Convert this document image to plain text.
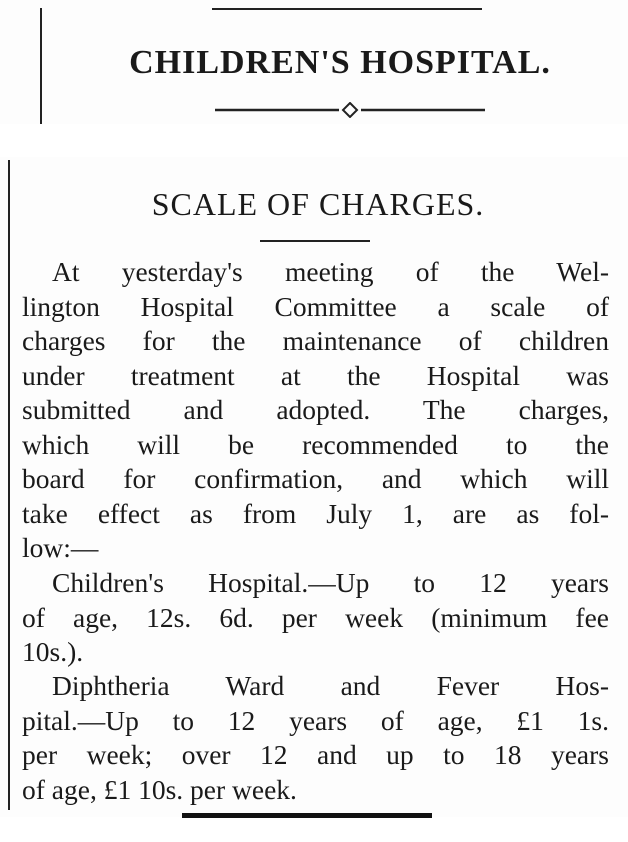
CHILDREN'S HOSPITAL.
SCALE OF CHARGES.
At yesterday's meeting of the Wel-
lington Hospital Committee a scale of
charges for the maintenance of children
under treatment at the Hospital was
submitted and adopted. The charges,
which will be recommended to the
board for confirmation, and which will
take effect as from July 1, are as fol-
low:—
Children's Hospital.—Up to 12 years
of age, 12s. 6d. per week (minimum fee
10s.).
Diphtheria Ward and Fever Hos-
pital.—Up to 12 years of age, £1 1s.
per week; over 12 and up to 18 years
of age, £1 10s. per week.
